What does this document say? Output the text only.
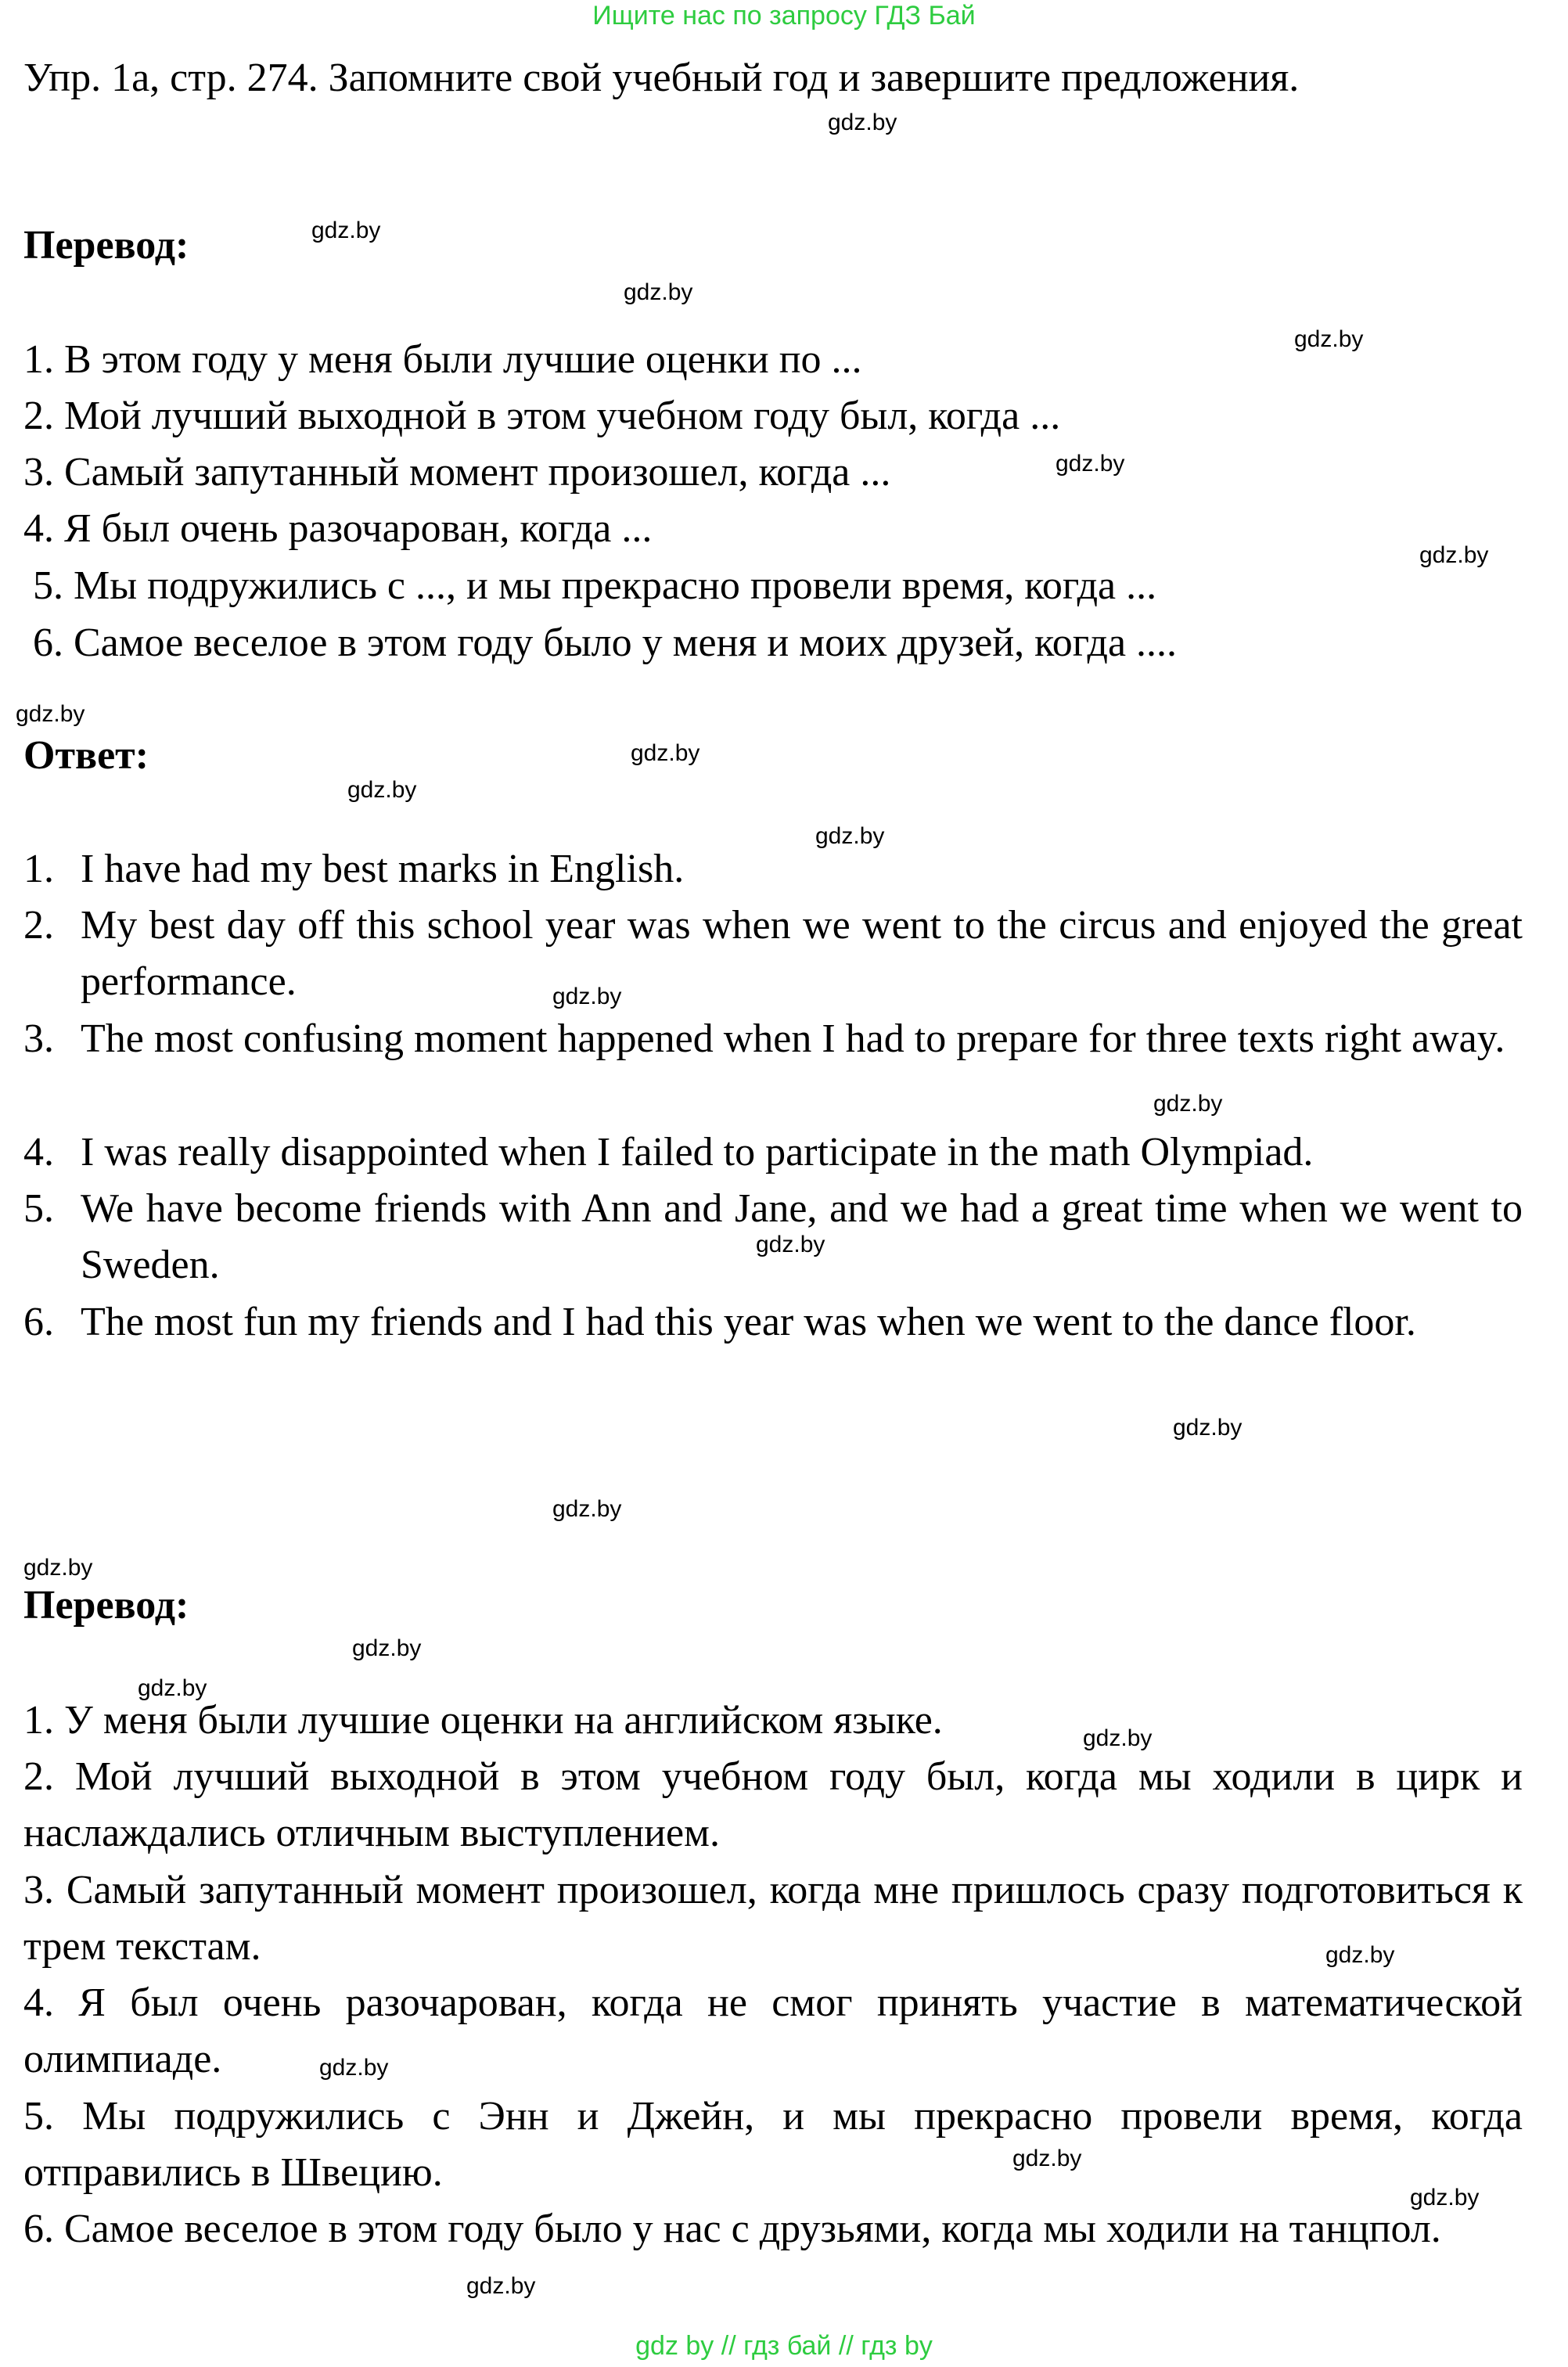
Ищите нас по запросу ГДЗ Бай
Упр. 1a, стр. 274. Запомните свой учебный год и завершите предложения.
Перевод:
1. В этом году у меня были лучшие оценки по ...
2. Мой лучший выходной в этом учебном году был, когда ...
3. Самый запутанный момент произошел, когда ...
4. Я был очень разочарован, когда ...
5. Мы подружились с ..., и мы прекрасно провели время, когда ...
6. Самое веселое в этом году было у меня и моих друзей, когда ....
Ответ:
1. I have had my best marks in English.
2. My best day off this school year was when we went to the circus and enjoyed the great performance.
3. The most confusing moment happened when I had to prepare for three texts right away.
4. I was really disappointed when I failed to participate in the math Olympiad.
5. We have become friends with Ann and Jane, and we had a great time when we went to Sweden.
6. The most fun my friends and I had this year was when we went to the dance floor.
Перевод:
1. У меня были лучшие оценки на английском языке.
2. Мой лучший выходной в этом учебном году был, когда мы ходили в цирк и наслаждались отличным выступлением.
3. Самый запутанный момент произошел, когда мне пришлось сразу подготовиться к трем текстам.
4. Я был очень разочарован, когда не смог принять участие в математической олимпиаде.
5. Мы подружились с Энн и Джейн, и мы прекрасно провели время, когда отправились в Швецию.
6. Самое веселое в этом году было у нас с друзьями, когда мы ходили на танцпол.
gdz.by
gdz.by
gdz.by
gdz.by
gdz.by
gdz.by
gdz.by
gdz.by
gdz.by
gdz.by
gdz.by
gdz.by
gdz.by
gdz.by
gdz.by
gdz.by
gdz.by
gdz.by
gdz.by
gdz.by
gdz.by
gdz.by
gdz.by
gdz.by
gdz by // гдз бай // гдз by
